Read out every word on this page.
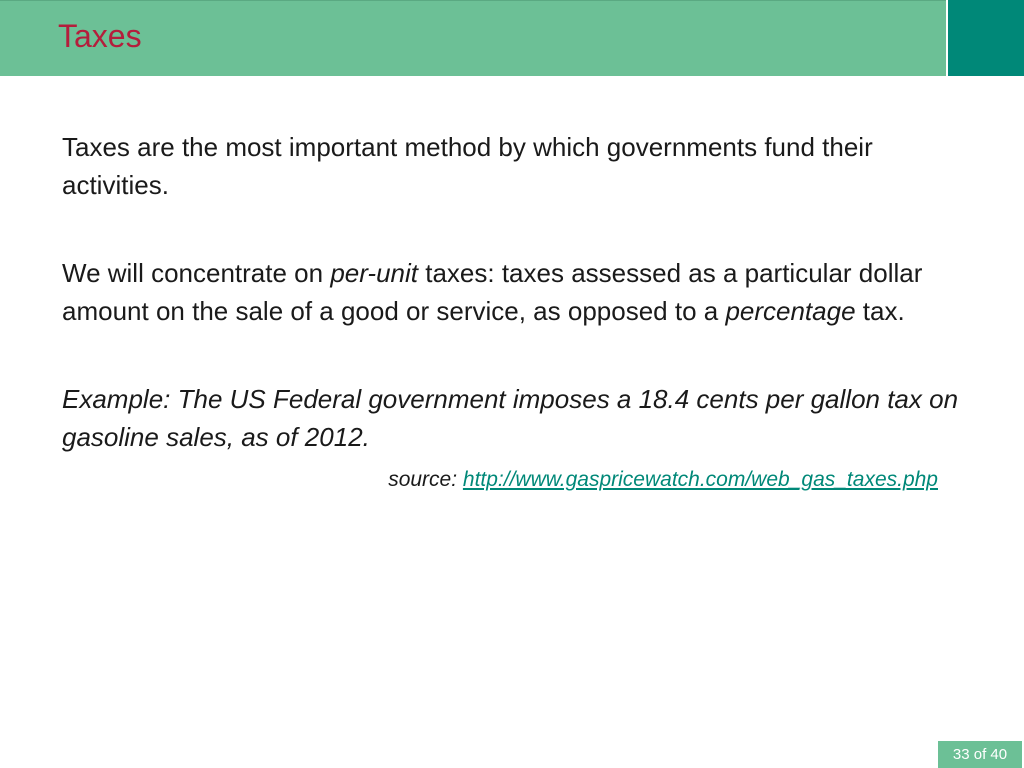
Taxes

Taxes are the most important method by which governments fund their activities.

We will concentrate on per-unit taxes: taxes assessed as a particular dollar amount on the sale of a good or service, as opposed to a percentage tax.

Example: The US Federal government imposes a 18.4 cents per gallon tax on gasoline sales, as of 2012.

source: http://www.gaspricewatch.com/web_gas_taxes.php
33 of 40
